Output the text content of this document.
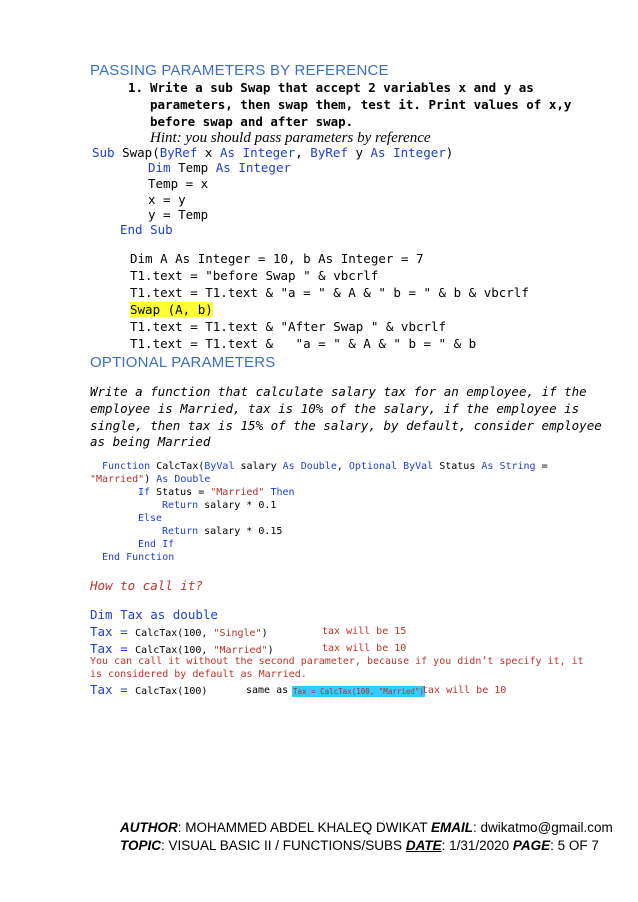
PASSING PARAMETERS BY REFERENCE
1. Write a sub Swap that accept 2 variables x and y as
parameters, then swap them, test it. Print values of x,y
before swap and after swap.
Hint: you should pass parameters by reference
Sub Swap(ByRef x As Integer, ByRef y As Integer)
Dim Temp As Integer
Temp = x
x = y
y = Temp
End Sub
Dim A As Integer = 10, b As Integer = 7
T1.text = "before Swap " & vbcrlf
T1.text = T1.text & "a = " & A & " b = " & b & vbcrlf
Swap (A, b)
T1.text = T1.text & "After Swap " & vbcrlf
T1.text = T1.text &   "a = " & A & " b = " & b
OPTIONAL PARAMETERS
Write a function that calculate salary tax for an employee, if the
employee is Married, tax is 10% of the salary, if the employee is
single, then tax is 15% of the salary, by default, consider employee
as being Married
Function CalcTax(ByVal salary As Double, Optional ByVal Status As String =
"Married") As Double
If Status = "Married" Then
Return salary * 0.1
Else
Return salary * 0.15
End If
End Function
How to call it?
Dim Tax as double
Tax = CalcTax(100, "Single")	tax will be 15
Tax = CalcTax(100, "Married")	tax will be 10
You can call it without the second parameter, because if you didn’t specify it, it
is considered by default as Married.
Tax = CalcTax(100)	same as Tax = CalcTax(100, "Married")
tax will be 10
AUTHOR: MOHAMMED ABDEL KHALEQ DWIKAT EMAIL: dwikatmo@gmail.com
TOPIC: VISUAL BASIC II / FUNCTIONS/SUBS DATE: 1/31/2020 PAGE: 5 OF 7
